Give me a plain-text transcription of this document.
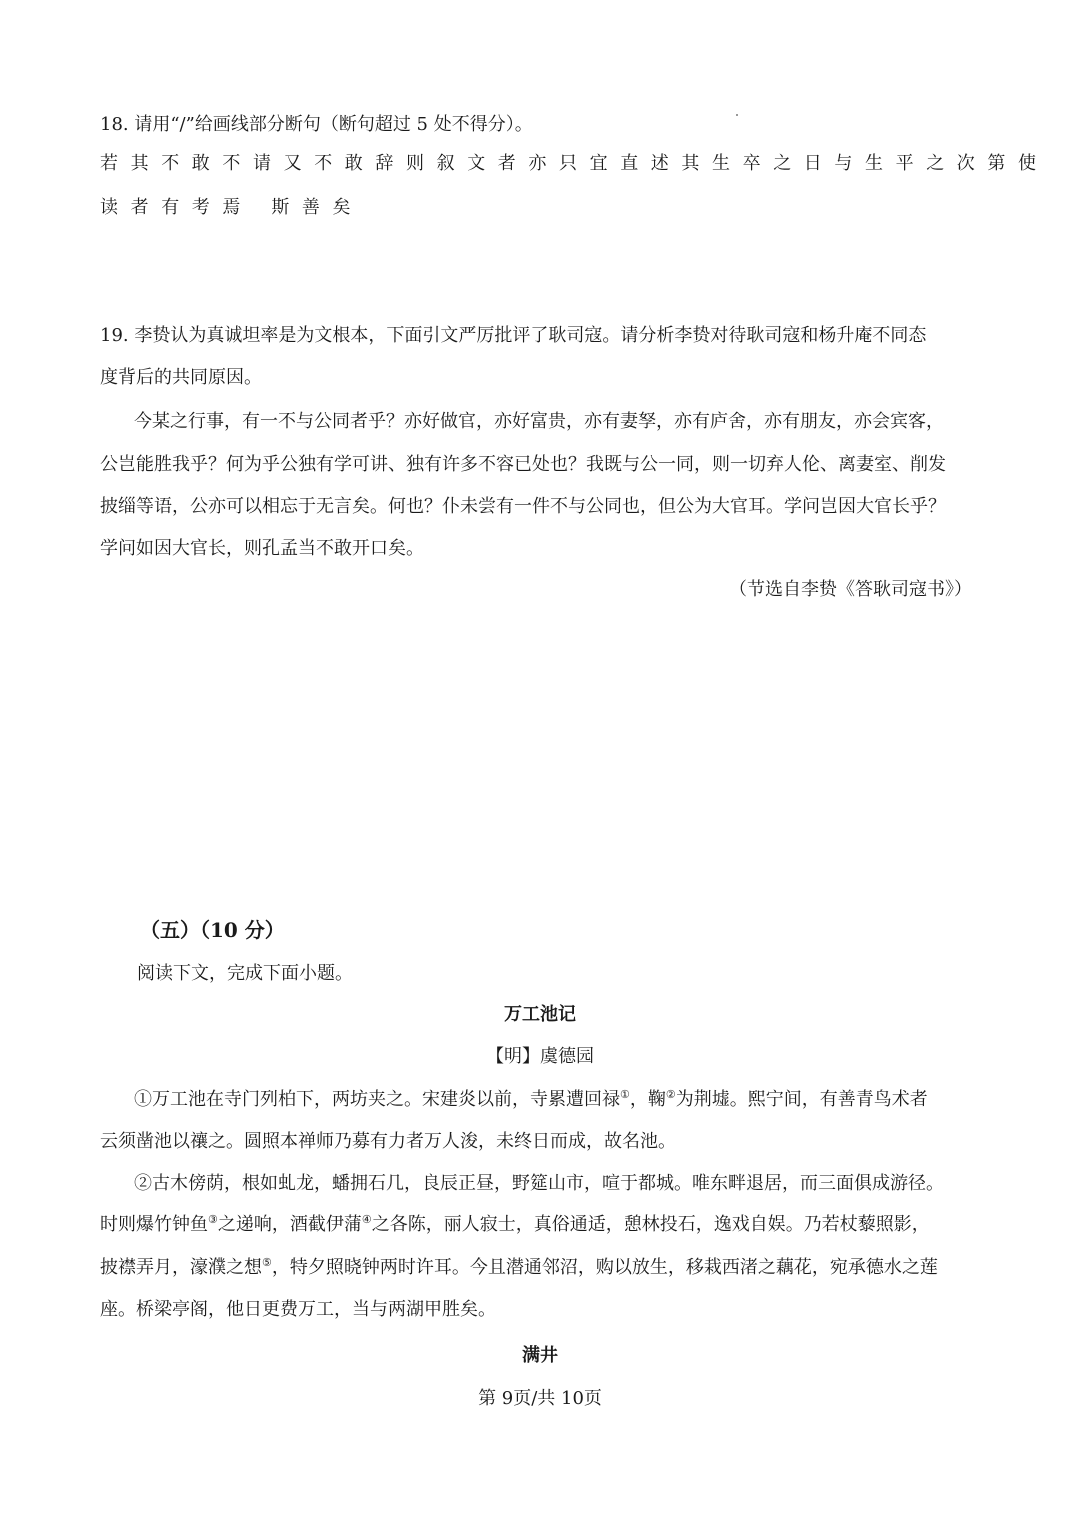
18. 请用“/”给画线部分断句（断句超过 5 处不得分）。
若其不敢不请又不敢辞则叙文者亦只宜直述其生卒之日与生平之次第使
读者有考焉 斯善矣
19. 李贽认为真诚坦率是为文根本，下面引文严厉批评了耿司寇。请分析李贽对待耿司寇和杨升庵不同态
度背后的共同原因。
今某之行事，有一不与公同者乎？亦好做官，亦好富贵，亦有妻孥，亦有庐舍，亦有朋友，亦会宾客，
公岂能胜我乎？何为乎公独有学可讲、独有许多不容已处也？我既与公一同，则一切弃人伦、离妻室、削发
披缁等语，公亦可以相忘于无言矣。何也？仆未尝有一件不与公同也，但公为大官耳。学问岂因大官长乎？
学问如因大官长，则孔孟当不敢开口矣。
（节选自李贽《答耿司寇书》）
（五）（10 分）
阅读下文，完成下面小题。
万工池记
【明】虞德园
①万工池在寺门列柏下，两坊夹之。宋建炎以前，寺累遭回禄①，鞠②为荆墟。熙宁间，有善青鸟术者
云须凿池以禳之。圆照本禅师乃募有力者万人浚，未终日而成，故名池。
②古木傍荫，根如虬龙，蟠拥石几，良辰正昼，野筵山市，喧于都城。唯东畔退居，而三面俱成游径。
时则爆竹钟鱼③之递响，酒截伊蒲④之各陈，丽人寂士，真俗通适，憩林投石，逸戏自娱。乃若杖藜照影，
披襟弄月，濠濮之想⑤，特夕照晓钟两时许耳。今且潜通邻沼，购以放生，移栽西渚之藕花，宛承德水之莲
座。桥梁亭阁，他日更费万工，当与两湖甲胜矣。
满井
第 9页/共 10页
